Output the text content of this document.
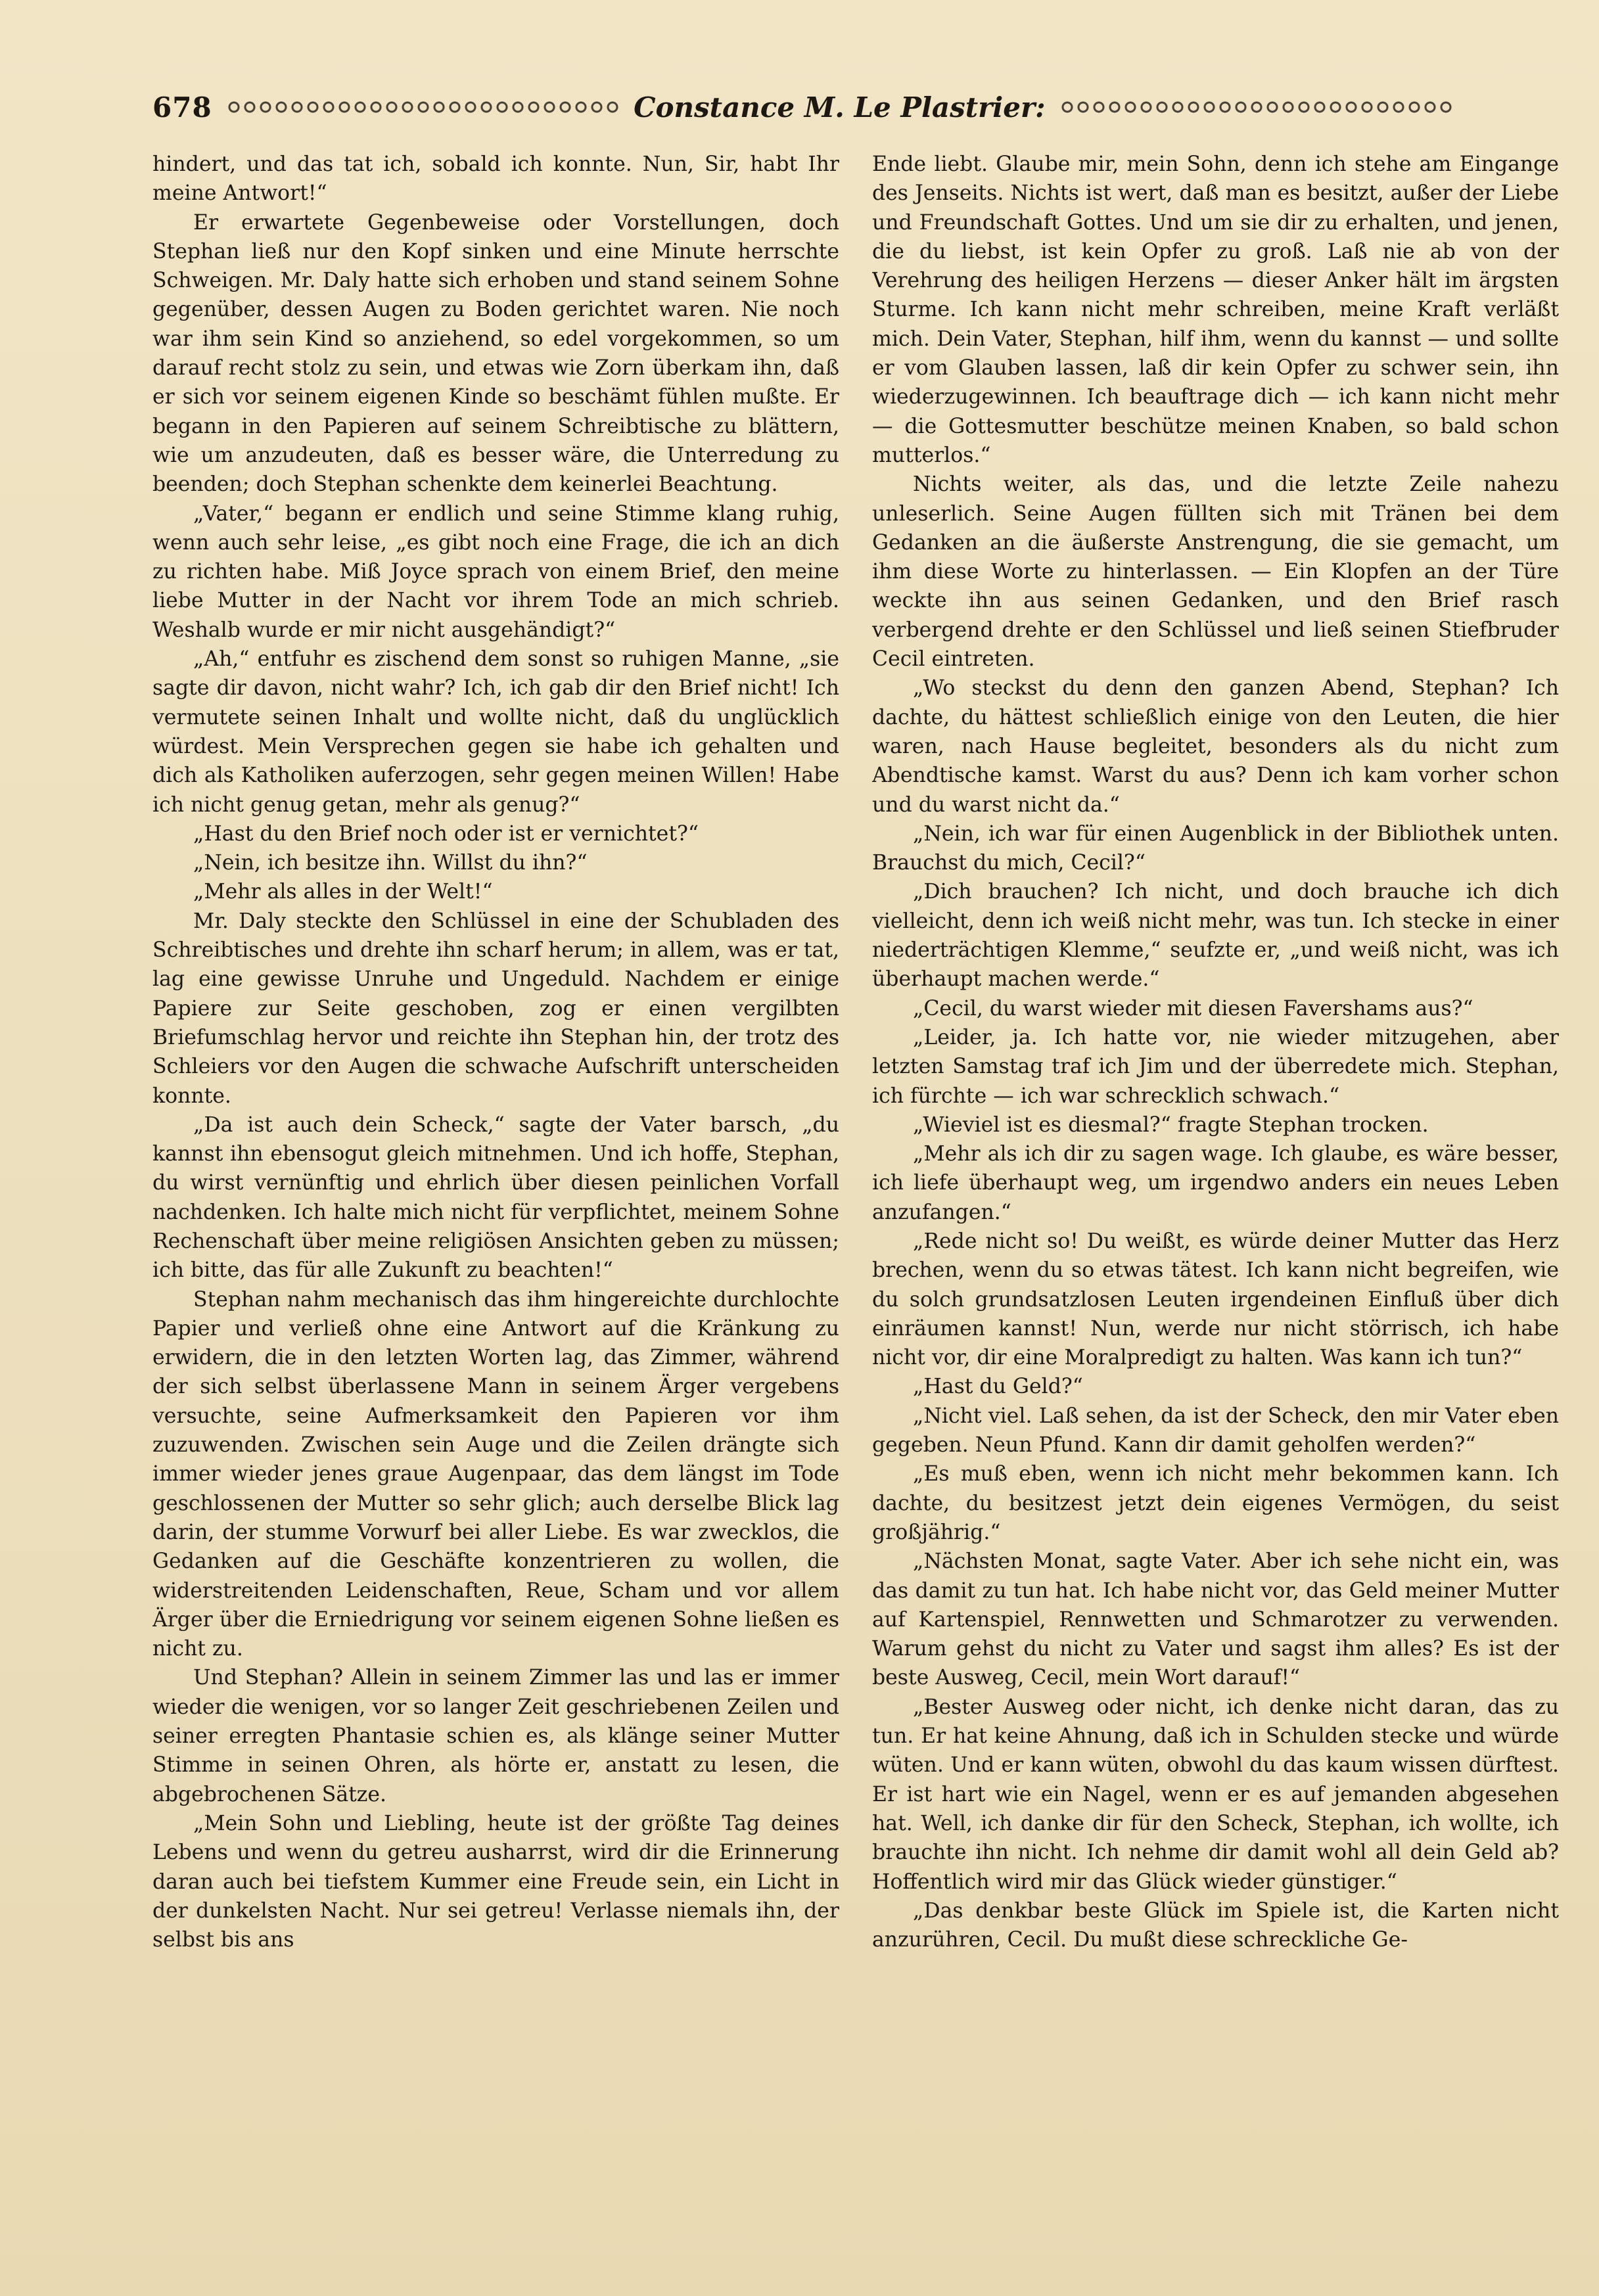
678	Constance M. Le Plastrier:

hindert, und das tat ich, sobald ich konnte. Nun, Sir, habt Ihr meine Antwort!“

Er erwartete Gegenbeweise oder Vorstellungen, doch Stephan ließ nur den Kopf sinken und eine Minute herrschte Schweigen. Mr. Daly hatte sich erhoben und stand seinem Sohne gegenüber, dessen Augen zu Boden gerichtet waren. Nie noch war ihm sein Kind so anziehend, so edel vorgekommen, so um darauf recht stolz zu sein, und etwas wie Zorn überkam ihn, daß er sich vor seinem eigenen Kinde so beschämt fühlen mußte. Er begann in den Papieren auf seinem Schreibtische zu blättern, wie um anzudeuten, daß es besser wäre, die Unterredung zu beenden; doch Stephan schenkte dem keinerlei Beachtung.

„Vater,“ begann er endlich und seine Stimme klang ruhig, wenn auch sehr leise, „es gibt noch eine Frage, die ich an dich zu richten habe. Miß Joyce sprach von einem Brief, den meine liebe Mutter in der Nacht vor ihrem Tode an mich schrieb. Weshalb wurde er mir nicht ausgehändigt?“

„Ah,“ entfuhr es zischend dem sonst so ruhigen Manne, „sie sagte dir davon, nicht wahr? Ich, ich gab dir den Brief nicht! Ich vermutete seinen Inhalt und wollte nicht, daß du unglücklich würdest. Mein Versprechen gegen sie habe ich gehalten und dich als Katholiken auferzogen, sehr gegen meinen Willen! Habe ich nicht genug getan, mehr als genug?“

„Hast du den Brief noch oder ist er vernichtet?“

„Nein, ich besitze ihn. Willst du ihn?“

„Mehr als alles in der Welt!“

Mr. Daly steckte den Schlüssel in eine der Schubladen des Schreibtisches und drehte ihn scharf herum; in allem, was er tat, lag eine gewisse Unruhe und Ungeduld. Nachdem er einige Papiere zur Seite geschoben, zog er einen vergilbten Briefumschlag hervor und reichte ihn Stephan hin, der trotz des Schleiers vor den Augen die schwache Aufschrift unterscheiden konnte.

„Da ist auch dein Scheck,“ sagte der Vater barsch, „du kannst ihn ebensogut gleich mitnehmen. Und ich hoffe, Stephan, du wirst vernünftig und ehrlich über diesen peinlichen Vorfall nachdenken. Ich halte mich nicht für verpflichtet, meinem Sohne Rechenschaft über meine religiösen Ansichten geben zu müssen; ich bitte, das für alle Zukunft zu beachten!“

Stephan nahm mechanisch das ihm hingereichte durchlochte Papier und verließ ohne eine Antwort auf die Kränkung zu erwidern, die in den letzten Worten lag, das Zimmer, während der sich selbst überlassene Mann in seinem Ärger vergebens versuchte, seine Aufmerksamkeit den Papieren vor ihm zuzuwenden. Zwischen sein Auge und die Zeilen drängte sich immer wieder jenes graue Augenpaar, das dem längst im Tode geschlossenen der Mutter so sehr glich; auch derselbe Blick lag darin, der stumme Vorwurf bei aller Liebe. Es war zwecklos, die Gedanken auf die Geschäfte konzentrieren zu wollen, die widerstreitenden Leidenschaften, Reue, Scham und vor allem Ärger über die Erniedrigung vor seinem eigenen Sohne ließen es nicht zu.

Und Stephan? Allein in seinem Zimmer las und las er immer wieder die wenigen, vor so langer Zeit geschriebenen Zeilen und seiner erregten Phantasie schien es, als klänge seiner Mutter Stimme in seinen Ohren, als hörte er, anstatt zu lesen, die abgebrochenen Sätze.

„Mein Sohn und Liebling, heute ist der größte Tag deines Lebens und wenn du getreu ausharrst, wird dir die Erinnerung daran auch bei tiefstem Kummer eine Freude sein, ein Licht in der dunkelsten Nacht. Nur sei getreu! Verlasse niemals ihn, der selbst bis ans

Ende liebt. Glaube mir, mein Sohn, denn ich stehe am Eingange des Jenseits. Nichts ist wert, daß man es besitzt, außer der Liebe und Freundschaft Gottes. Und um sie dir zu erhalten, und jenen, die du liebst, ist kein Opfer zu groß. Laß nie ab von der Verehrung des heiligen Herzens — dieser Anker hält im ärgsten Sturme. Ich kann nicht mehr schreiben, meine Kraft verläßt mich. Dein Vater, Stephan, hilf ihm, wenn du kannst — und sollte er vom Glauben lassen, laß dir kein Opfer zu schwer sein, ihn wiederzugewinnen. Ich beauftrage dich — ich kann nicht mehr — die Gottesmutter beschütze meinen Knaben, so bald schon mutterlos.“

Nichts weiter, als das, und die letzte Zeile nahezu unleserlich. Seine Augen füllten sich mit Tränen bei dem Gedanken an die äußerste Anstrengung, die sie gemacht, um ihm diese Worte zu hinterlassen. — Ein Klopfen an der Türe weckte ihn aus seinen Gedanken, und den Brief rasch verbergend drehte er den Schlüssel und ließ seinen Stiefbruder Cecil eintreten.

„Wo steckst du denn den ganzen Abend, Stephan? Ich dachte, du hättest schließlich einige von den Leuten, die hier waren, nach Hause begleitet, besonders als du nicht zum Abendtische kamst. Warst du aus? Denn ich kam vorher schon und du warst nicht da.“

„Nein, ich war für einen Augenblick in der Bibliothek unten. Brauchst du mich, Cecil?“

„Dich brauchen? Ich nicht, und doch brauche ich dich vielleicht, denn ich weiß nicht mehr, was tun. Ich stecke in einer niederträchtigen Klemme,“ seufzte er, „und weiß nicht, was ich überhaupt machen werde.“

„Cecil, du warst wieder mit diesen Favershams aus?“

„Leider, ja. Ich hatte vor, nie wieder mitzugehen, aber letzten Samstag traf ich Jim und der überredete mich. Stephan, ich fürchte — ich war schrecklich schwach.“

„Wieviel ist es diesmal?“ fragte Stephan trocken.

„Mehr als ich dir zu sagen wage. Ich glaube, es wäre besser, ich liefe überhaupt weg, um irgendwo anders ein neues Leben anzufangen.“

„Rede nicht so! Du weißt, es würde deiner Mutter das Herz brechen, wenn du so etwas tätest. Ich kann nicht begreifen, wie du solch grundsatzlosen Leuten irgendeinen Einfluß über dich einräumen kannst! Nun, werde nur nicht störrisch, ich habe nicht vor, dir eine Moralpredigt zu halten. Was kann ich tun?“

„Hast du Geld?“

„Nicht viel. Laß sehen, da ist der Scheck, den mir Vater eben gegeben. Neun Pfund. Kann dir damit geholfen werden?“

„Es muß eben, wenn ich nicht mehr bekommen kann. Ich dachte, du besitzest jetzt dein eigenes Vermögen, du seist großjährig.“

„Nächsten Monat, sagte Vater. Aber ich sehe nicht ein, was das damit zu tun hat. Ich habe nicht vor, das Geld meiner Mutter auf Kartenspiel, Rennwetten und Schmarotzer zu verwenden. Warum gehst du nicht zu Vater und sagst ihm alles? Es ist der beste Ausweg, Cecil, mein Wort darauf!“

„Bester Ausweg oder nicht, ich denke nicht daran, das zu tun. Er hat keine Ahnung, daß ich in Schulden stecke und würde wüten. Und er kann wüten, obwohl du das kaum wissen dürftest. Er ist hart wie ein Nagel, wenn er es auf jemanden abgesehen hat. Well, ich danke dir für den Scheck, Stephan, ich wollte, ich brauchte ihn nicht. Ich nehme dir damit wohl all dein Geld ab? Hoffentlich wird mir das Glück wieder günstiger.“

„Das denkbar beste Glück im Spiele ist, die Karten nicht anzurühren, Cecil. Du mußt diese schreckliche Ge-
